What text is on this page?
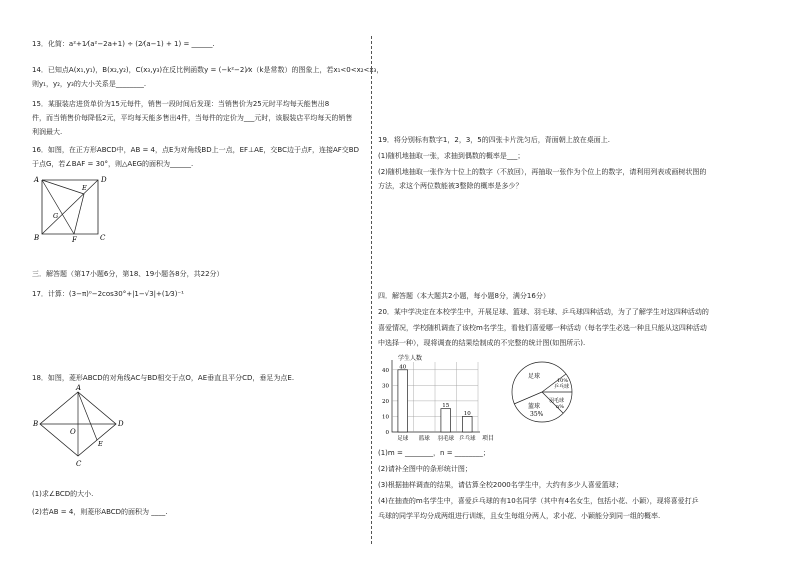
13．化简：a²+1⁄(a²−2a+1) ÷ (2⁄(a−1) + 1) = ______.
14．已知点A(x₁,y₁)，B(x₂,y₂)，C(x₃,y₃)在反比例函数y = (−k²−2)⁄x（k是常数）的图象上，若x₁<0<x₂<x₃，
则y₁，y₂，y₃的大小关系是________.
15．某服装店进货单价为15元每件，销售一段时间后发现：当销售价为25元时平均每天能售出8
件，而当销售价每降低2元，平均每天能多售出4件，当每件的定价为___元时，该服装店平均每天的销售
利润最大.
16．如图，在正方形ABCD中，AB = 4，点E为对角线BD上一点，EF⊥AE，交BC边于点F，连接AF交BD
于点G，若∠BAF = 30°，则△AEG的面积为______.
A	D
E
G
B	F	C
三．解答题（第17小题6分，第18、19小题各8分，共22分）
17．计算：(3−π)⁰−2cos30°+|1−√3|+(1⁄3)⁻¹
18．如图，菱形ABCD的对角线AC与BD相交于点O，AE垂直且平分CD，垂足为点E.
A
B
O
D
E
C
(1)求∠BCD的大小.
(2)若AB = 4，则菱形ABCD的面积为 ____.
19．将分别标有数字1，2，3，5的四张卡片洗匀后，背面朝上放在桌面上.
(1)随机地抽取一张，求抽到偶数的概率是___；
(2)随机地抽取一张作为十位上的数字（不放回），再抽取一张作为个位上的数字，请利用列表或画树状图的
方法，求这个两位数能被3整除的概率是多少？
四．解答题（本大题共2小题，每小题8分，满分16分）
20．某中学决定在本校学生中，开展足球、篮球、羽毛球、乒乓球四种活动，为了了解学生对这四种活动的
喜爱情况，学校随机调查了该校m名学生，看他们喜爱哪一种活动（每名学生必选一种且只能从这四种活动
中选择一种），现将调查的结果绘制成的不完整的统计图(如图所示).
0
10
20
30
40
40
足球 篮球
15
羽毛球
10
乒乓球
学生人数
项目
足球
乒乓球
10%
羽毛球
n%
篮球
35%
(1)m = ________，n = ________；
(2)请补全图中的条形统计图；
(3)根据抽样调查的结果，请估算全校2000名学生中，大约有多少人喜爱篮球；
(4)在抽查的m名学生中，喜爱乒乓球的有10名同学（其中有4名女生，包括小花、小颖），现将喜爱打乒
乓球的同学平均分成两组进行训练，且女生每组分两人，求小花、小颖能分到同一组的概率.
